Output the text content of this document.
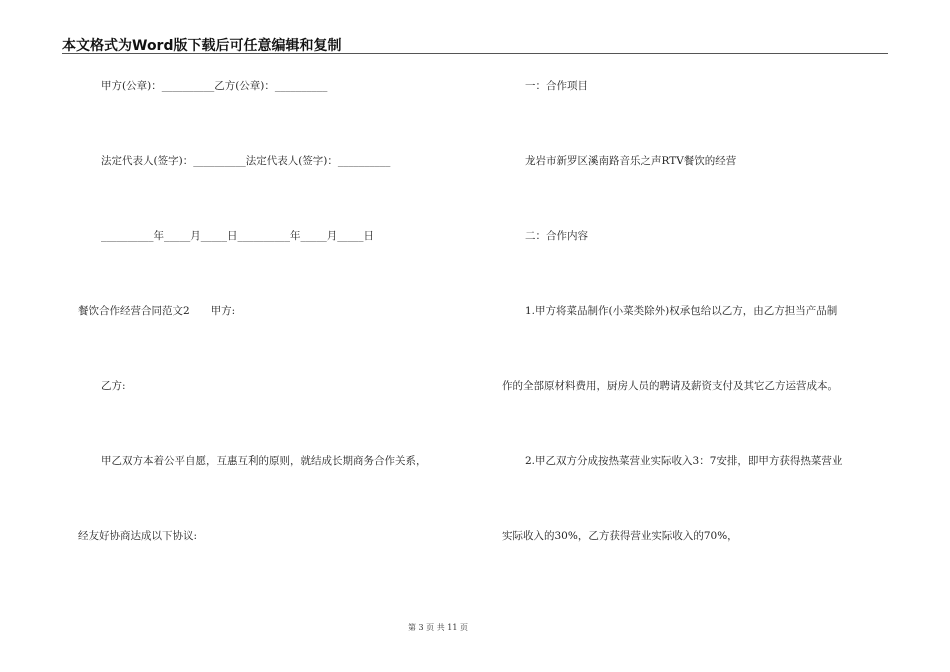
本文格式为Word版下载后可任意编辑和复制
甲方(公章)：__________乙方(公章)：__________
法定代表人(签字)：__________法定代表人(签字)：__________
__________年_____月_____日__________年_____月_____日
餐饮合作经营合同范文2　　甲方:
乙方:
甲乙双方本着公平自愿，互惠互利的原则，就结成长期商务合作关系，
经友好协商达成以下协议:
一：合作项目
龙岩市新罗区溪南路音乐之声RTV餐饮的经营
二：合作内容
1.甲方将菜品制作(小菜类除外)权承包给以乙方，由乙方担当产品制
作的全部原材料费用，厨房人员的聘请及薪资支付及其它乙方运营成本。
2.甲乙双方分成按热菜营业实际收入3：7安排，即甲方获得热菜营业
实际收入的30%，乙方获得营业实际收入的70%，
第 3 页 共 11 页
